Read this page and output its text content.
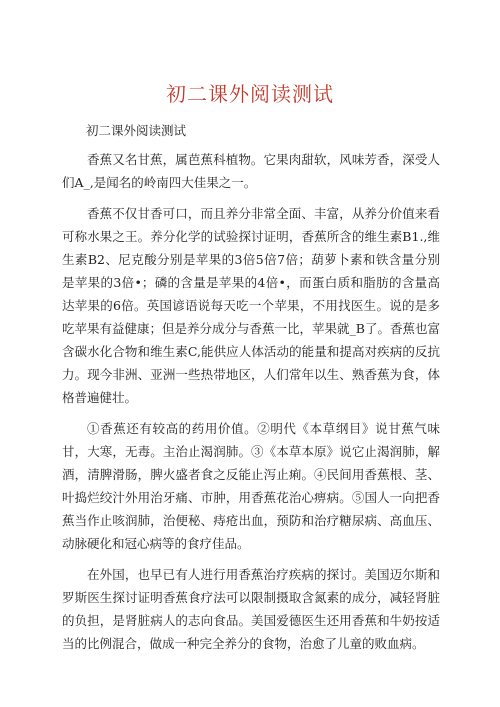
初二课外阅读测试

初二课外阅读测试

香蕉又名甘蕉，属芭蕉科植物。它果肉甜软，风味芳香，深受人们A_,是闻名的岭南四大佳果之一。

香蕉不仅甘香可口，而且养分非常全面、丰富，从养分价值来看可称水果之王。养分化学的试验探讨证明，香蕉所含的维生素B1.,维生素B2、尼克酸分别是苹果的3倍5倍7倍；葫萝卜素和铁含量分别是苹果的3倍•；磷的含量是苹果的4倍•，而蛋白质和脂肪的含量高达苹果的6倍。英国谚语说每天吃一个苹果，不用找医生。说的是多吃苹果有益健康；但是养分成分与香蕉一比，苹果就_B了。香蕉也富含碳水化合物和维生素C,能供应人体活动的能量和提高对疾病的反抗力。现今非洲、亚洲一些热带地区，人们常年以生、熟香蕉为食，体格普遍健壮。

①香蕉还有较高的药用价值。②明代《本草纲目》说甘蕉气味甘，大寒，无毒。主治止渴润肺。③《本草本原》说它止渴润肺，解酒，清脾滑肠，脾火盛者食之反能止泻止痢。④民间用香蕉根、茎、叶捣烂绞汁外用治牙痛、市肿，用香蕉花治心痹病。⑤国人一向把香蕉当作止咳润肺，治便秘、痔疮出血，预防和治疗糖尿病、高血压、动脉硬化和冠心病等的食疗佳品。

在外国，也早已有人进行用香蕉治疗疾病的探讨。美国迈尔斯和罗斯医生探讨证明香蕉食疗法可以限制摄取含氮素的成分，减轻肾脏的负担，是肾脏病人的志向食品。美国爱德医生还用香蕉和牛奶按适当的比例混合，做成一种完全养分的食物，治愈了儿童的败血病。
